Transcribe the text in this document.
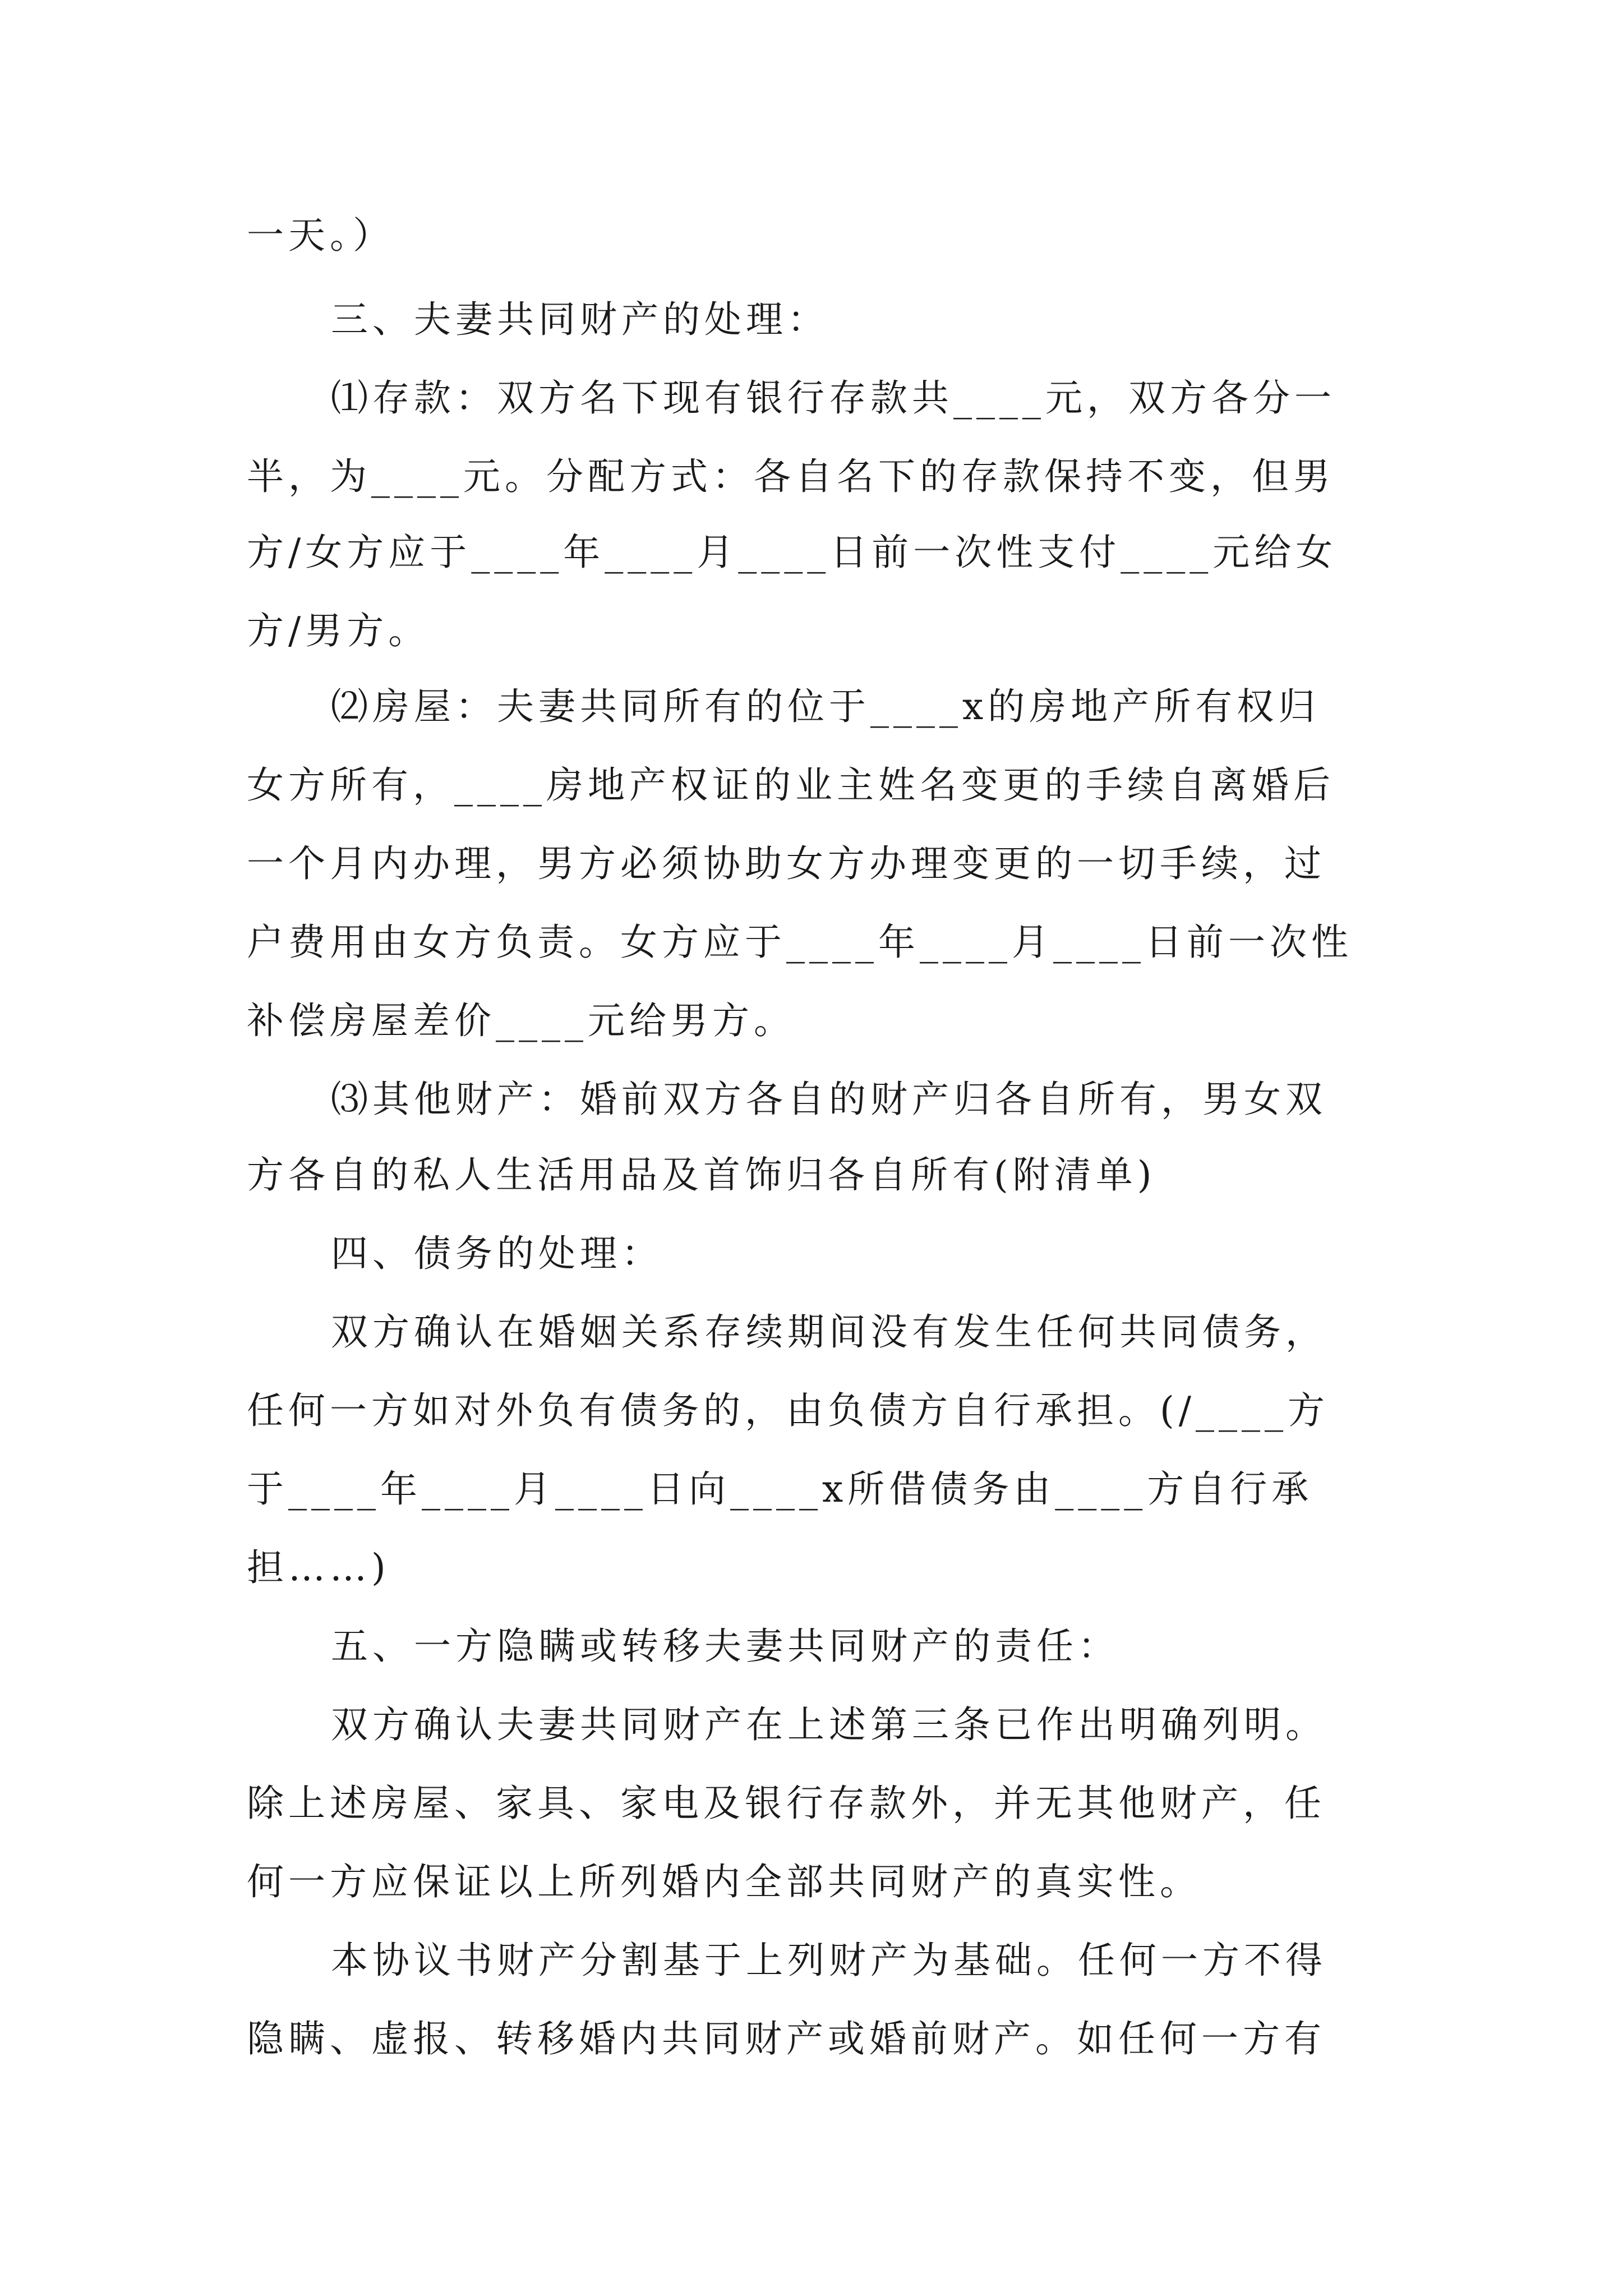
一天。）
三、夫妻共同财产的处理：
⑴存款：双方名下现有银行存款共____元，双方各分一
半，为____元。分配方式：各自名下的存款保持不变，但男
方/女方应于____年____月____日前一次性支付____元给女
方/男方。
⑵房屋：夫妻共同所有的位于____x的房地产所有权归
女方所有，____房地产权证的业主姓名变更的手续自离婚后
一个月内办理，男方必须协助女方办理变更的一切手续，过
户费用由女方负责。女方应于____年____月____日前一次性
补偿房屋差价____元给男方。
⑶其他财产：婚前双方各自的财产归各自所有，男女双
方各自的私人生活用品及首饰归各自所有(附清单)
四、债务的处理：
双方确认在婚姻关系存续期间没有发生任何共同债务，
任何一方如对外负有债务的，由负债方自行承担。(/____方
于____年____月____日向____x所借债务由____方自行承
担……)
五、一方隐瞒或转移夫妻共同财产的责任：
双方确认夫妻共同财产在上述第三条已作出明确列明。
除上述房屋、家具、家电及银行存款外，并无其他财产，任
何一方应保证以上所列婚内全部共同财产的真实性。
本协议书财产分割基于上列财产为基础。任何一方不得
隐瞒、虚报、转移婚内共同财产或婚前财产。如任何一方有
